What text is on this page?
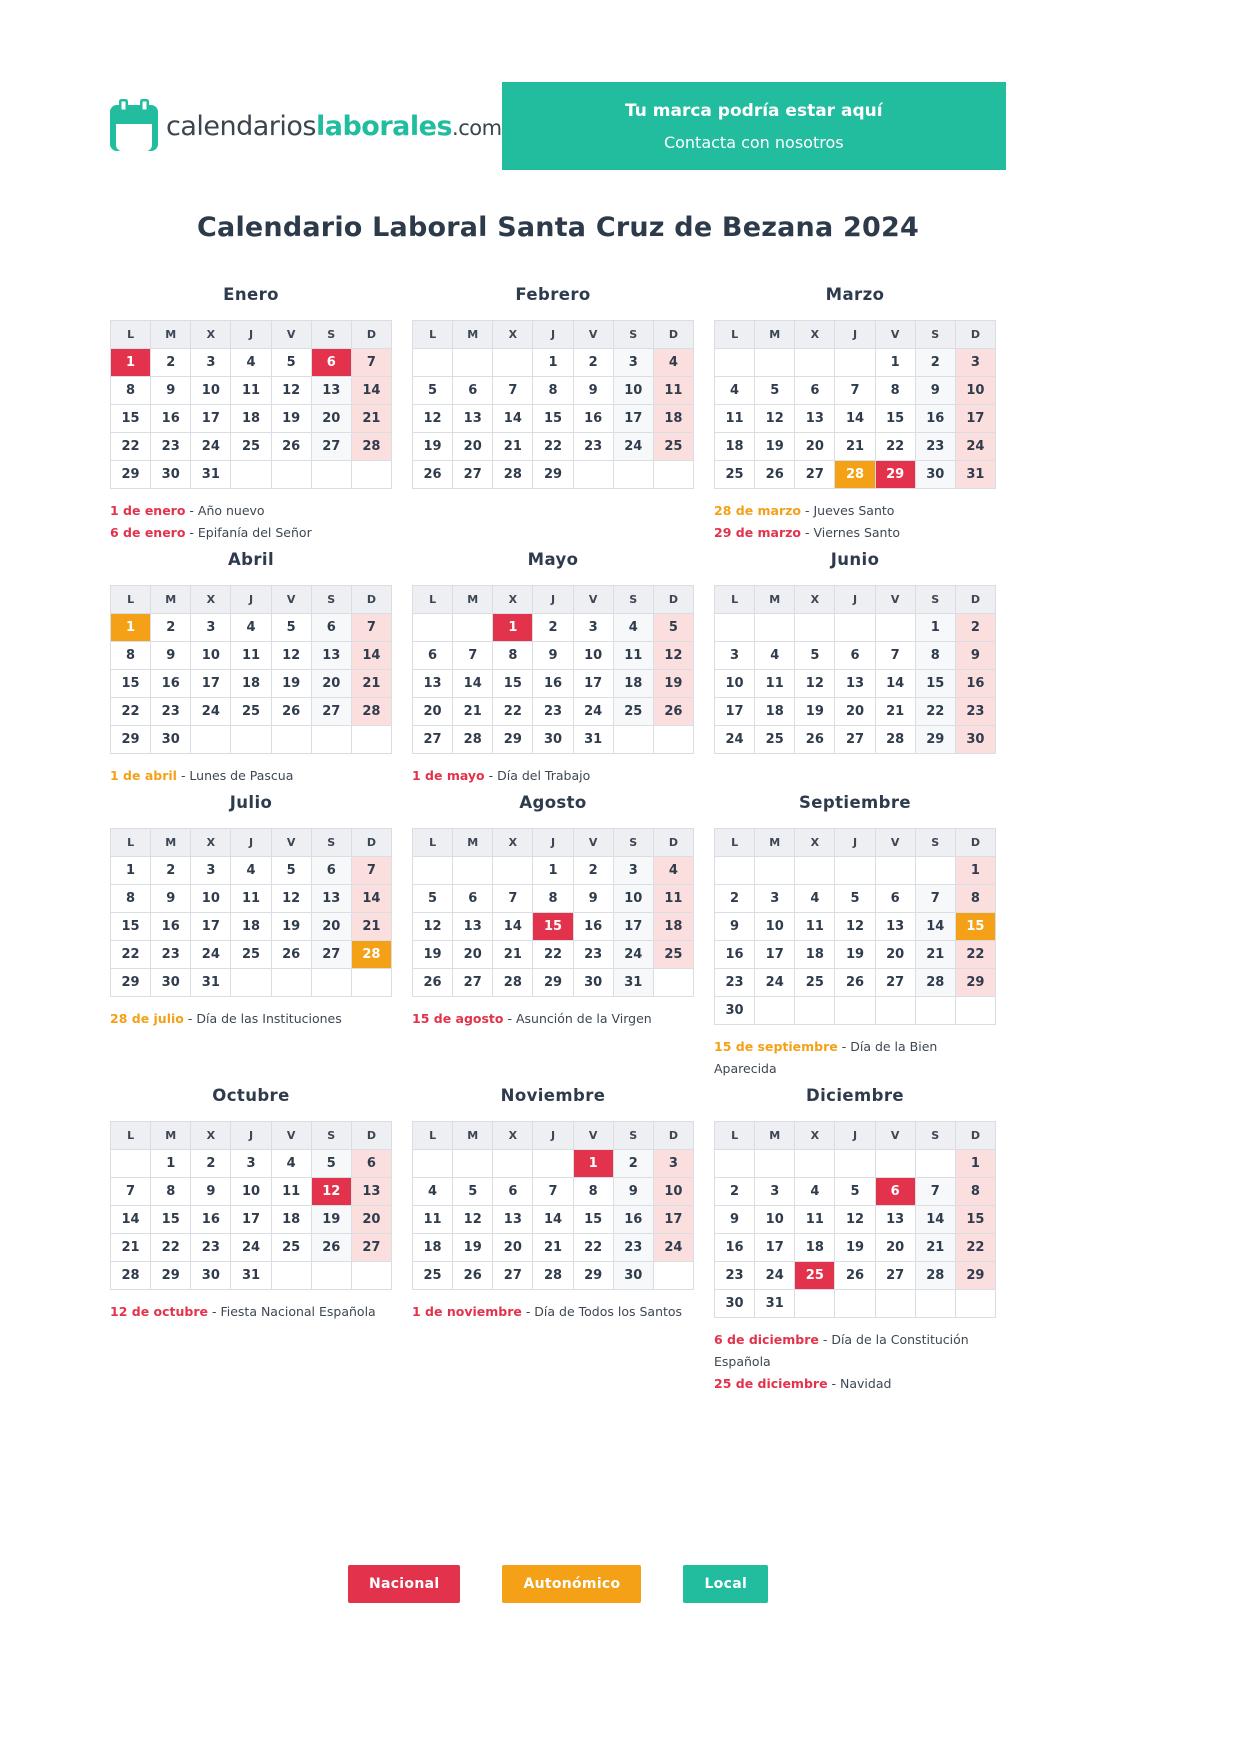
calendarioslaborales.com
Tu marca podría estar aquí
Contacta con nosotros
Calendario Laboral Santa Cruz de Bezana 2024
Enero
L	M	X	J	V	S	D
1	2	3	4	5	6	7
8	9	10	11	12	13	14
15	16	17	18	19	20	21
22	23	24	25	26	27	28
29	30	31				
1 de enero - Año nuevo
6 de enero - Epifanía del Señor
Febrero
L	M	X	J	V	S	D
			1	2	3	4
5	6	7	8	9	10	11
12	13	14	15	16	17	18
19	20	21	22	23	24	25
26	27	28	29			
Marzo
L	M	X	J	V	S	D
				1	2	3
4	5	6	7	8	9	10
11	12	13	14	15	16	17
18	19	20	21	22	23	24
25	26	27	28	29	30	31
28 de marzo - Jueves Santo
29 de marzo - Viernes Santo
Abril
L	M	X	J	V	S	D
1	2	3	4	5	6	7
8	9	10	11	12	13	14
15	16	17	18	19	20	21
22	23	24	25	26	27	28
29	30					
1 de abril - Lunes de Pascua
Mayo
L	M	X	J	V	S	D
		1	2	3	4	5
6	7	8	9	10	11	12
13	14	15	16	17	18	19
20	21	22	23	24	25	26
27	28	29	30	31		
1 de mayo - Día del Trabajo
Junio
L	M	X	J	V	S	D
					1	2
3	4	5	6	7	8	9
10	11	12	13	14	15	16
17	18	19	20	21	22	23
24	25	26	27	28	29	30
Julio
L	M	X	J	V	S	D
1	2	3	4	5	6	7
8	9	10	11	12	13	14
15	16	17	18	19	20	21
22	23	24	25	26	27	28
29	30	31				
28 de julio - Día de las Instituciones
Agosto
L	M	X	J	V	S	D
			1	2	3	4
5	6	7	8	9	10	11
12	13	14	15	16	17	18
19	20	21	22	23	24	25
26	27	28	29	30	31	
15 de agosto - Asunción de la Virgen
Septiembre
L	M	X	J	V	S	D
						1
2	3	4	5	6	7	8
9	10	11	12	13	14	15
16	17	18	19	20	21	22
23	24	25	26	27	28	29
30						
15 de septiembre - Día de la Bien Aparecida
Octubre
L	M	X	J	V	S	D
	1	2	3	4	5	6
7	8	9	10	11	12	13
14	15	16	17	18	19	20
21	22	23	24	25	26	27
28	29	30	31			
12 de octubre - Fiesta Nacional Española
Noviembre
L	M	X	J	V	S	D
				1	2	3
4	5	6	7	8	9	10
11	12	13	14	15	16	17
18	19	20	21	22	23	24
25	26	27	28	29	30	
1 de noviembre - Día de Todos los Santos
Diciembre
L	M	X	J	V	S	D
						1
2	3	4	5	6	7	8
9	10	11	12	13	14	15
16	17	18	19	20	21	22
23	24	25	26	27	28	29
30	31					
6 de diciembre - Día de la Constitución Española
25 de diciembre - Navidad
Nacional	Autonómico	Local
